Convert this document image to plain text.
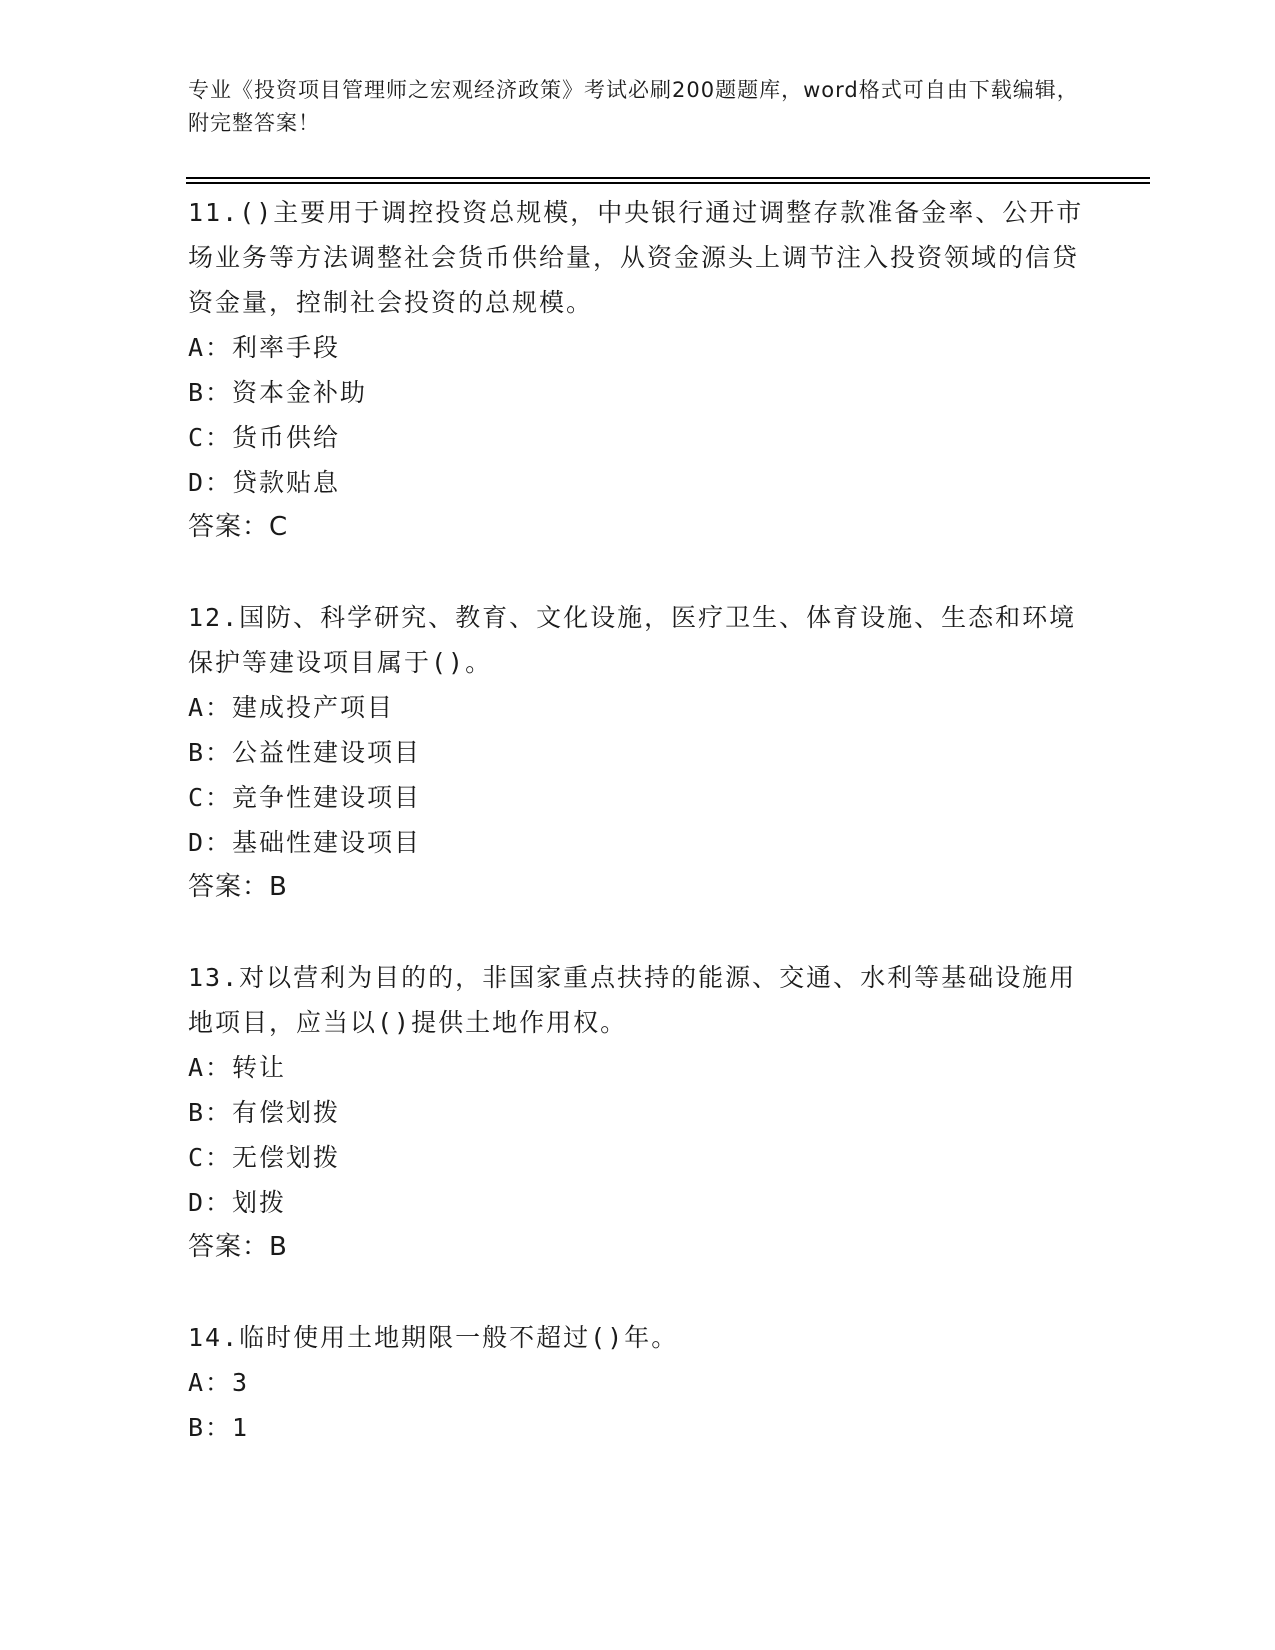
专业《投资项目管理师之宏观经济政策》考试必刷200题题库，word格式可自由下载编辑，附完整答案！

11.()主要用于调控投资总规模，中央银行通过调整存款准备金率、公开市场业务等方法调整社会货币供给量，从资金源头上调节注入投资领域的信贷资金量，控制社会投资的总规模。

A：利率手段

B：资本金补助

C：货币供给

D：贷款贴息

答案：C

12.国防、科学研究、教育、文化设施，医疗卫生、体育设施、生态和环境保护等建设项目属于()。

A：建成投产项目

B：公益性建设项目

C：竞争性建设项目

D：基础性建设项目

答案：B

13.对以营利为目的的，非国家重点扶持的能源、交通、水利等基础设施用地项目，应当以()提供土地作用权。

A：转让

B：有偿划拨

C：无偿划拨

D：划拨

答案：B

14.临时使用土地期限一般不超过()年。

A：3

B：1
